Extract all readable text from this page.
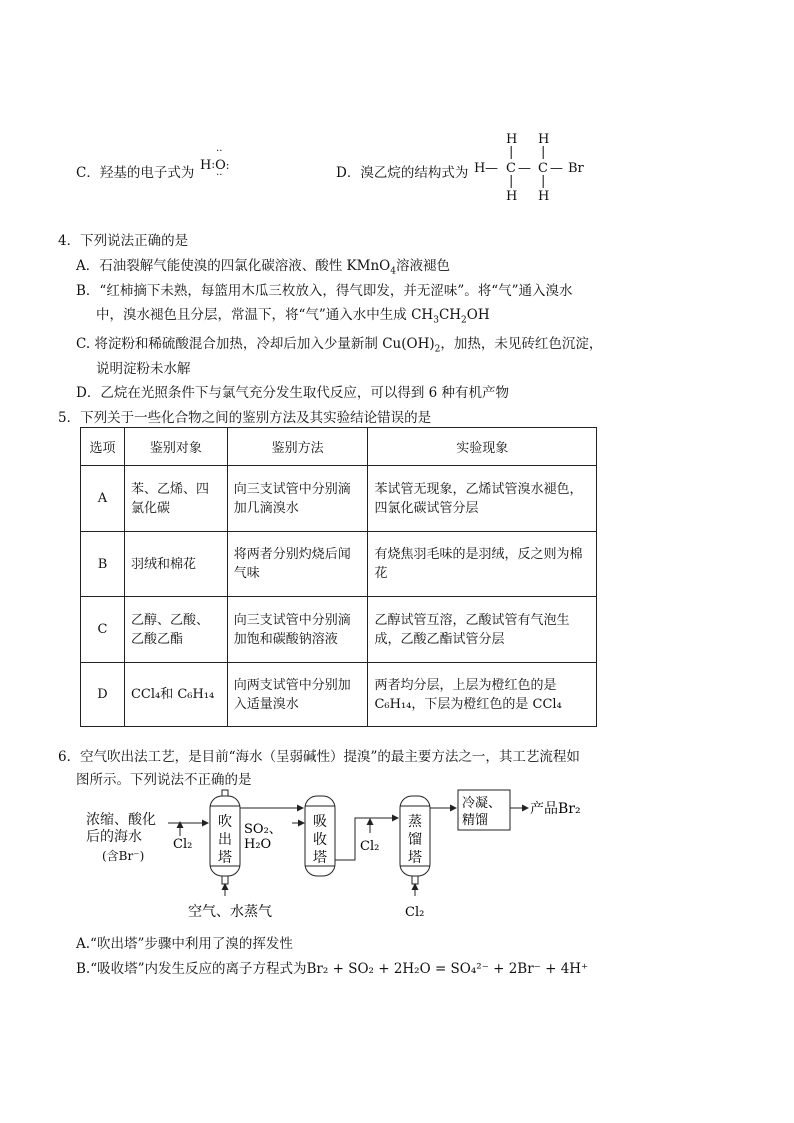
C．羟基的电子式为 H:O
··
··
:	D．溴乙烷的结构式为
H H
| |
H — C — C — Br
| |
H H
4．下列说法正确的是
A．石油裂解气能使溴的四氯化碳溶液、酸性 KMnO$_4$溶液褪色
B．“红柿摘下未熟，每篮用木瓜三枚放入，得气即发，并无涩味”。将“气”通入溴水
中，溴水褪色且分层，常温下，将“气”通入水中生成 $CH_3CH_2OH$
C. 将淀粉和稀硫酸混合加热，冷却后加入少量新制 $Cu(OH)_2$，加热，未见砖红色沉淀，
说明淀粉未水解
D．乙烷在光照条件下与氯气充分发生取代反应，可以得到 6 种有机产物
5．下列关于一些化合物之间的鉴别方法及其实验结论错误的是
选项	鉴别对象	鉴别方法	实验现象
A	苯、乙烯、四氯化碳	向三支试管中分别滴加几滴溴水	苯试管无现象，乙烯试管溴水褪色，四氯化碳试管分层
B	羽绒和棉花	将两者分别灼烧后闻气味	有烧焦羽毛味的是羽绒，反之则为棉花
C	乙醇、乙酸、乙酸乙酯	向三支试管中分别滴加饱和碳酸钠溶液	乙醇试管互溶，乙酸试管有气泡生成，乙酸乙酯试管分层
D	CCl₄和 C₆H₁₄	向两支试管中分别加入适量溴水	两者均分层，上层为橙红色的是 C₆H₁₄，下层为橙红色的是 CCl₄
6．空气吹出法工艺，是目前“海水（呈弱碱性）提溴”的最主要方法之一，其工艺流程如
图所示。下列说法不正确的是
浓缩、酸化
后的海水
(含Br⁻)
Cl₂
吹
出
塔
空气、水蒸气
SO₂、
H₂O
吸
收
塔
Cl₂
蒸
馏
塔
Cl₂
冷凝、
精馏
产品Br₂
A.“吹出塔”步骤中利用了溴的挥发性
B.“吸收塔”内发生反应的离子方程式为Br₂ + SO₂ + 2H₂O = SO₄²⁻ + 2Br⁻ + 4H⁺
